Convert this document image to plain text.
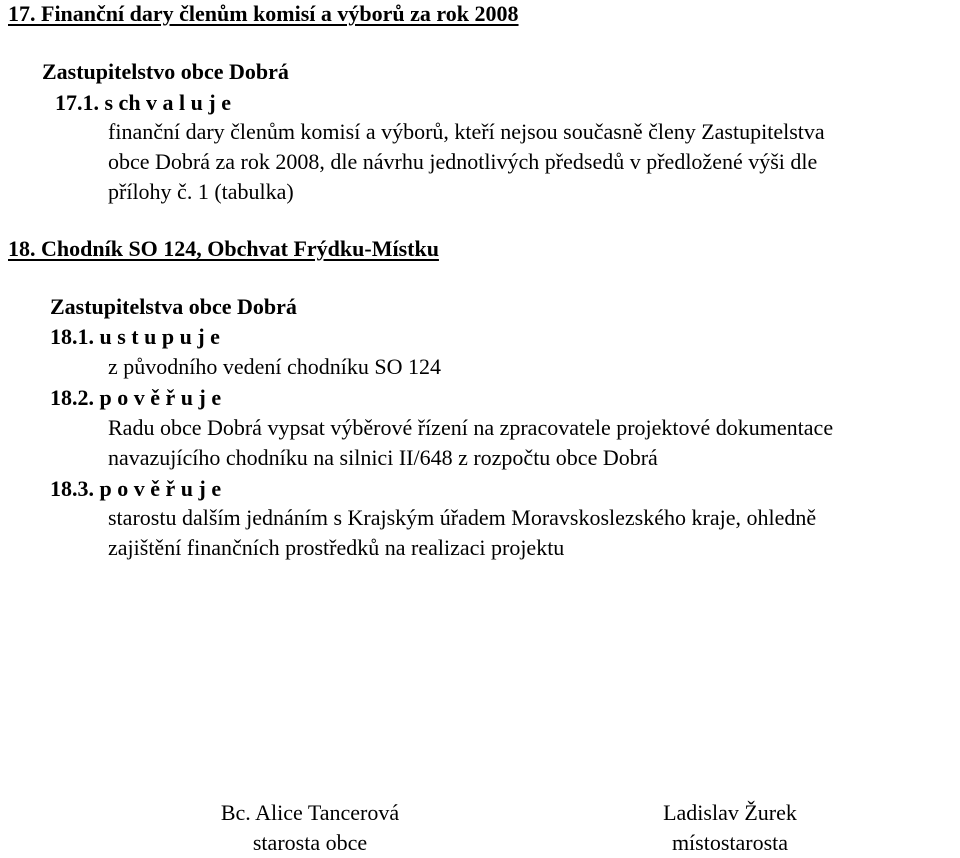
17. Finanční dary členům komisí a výborů za rok 2008
Zastupitelstvo obce Dobrá
17.1. s ch v a l u j e
finanční dary členům komisí a výborů, kteří nejsou současně členy Zastupitelstva
obce Dobrá za rok 2008, dle návrhu jednotlivých předsedů v předložené výši dle
přílohy č. 1 (tabulka)
18. Chodník SO 124, Obchvat Frýdku-Místku
Zastupitelstva obce Dobrá
18.1. u s t u p u j e
z původního vedení chodníku SO 124
18.2. p o v ě ř u j e
Radu obce Dobrá vypsat výběrové řízení na zpracovatele projektové dokumentace
navazujícího chodníku na silnici II/648 z rozpočtu obce Dobrá
18.3. p o v ě ř u j e
starostu dalším jednáním s Krajským úřadem Moravskoslezského kraje, ohledně
zajištění finančních prostředků na realizaci projektu
Bc. Alice Tancerová
starosta obce
Ladislav Žurek
místostarosta
